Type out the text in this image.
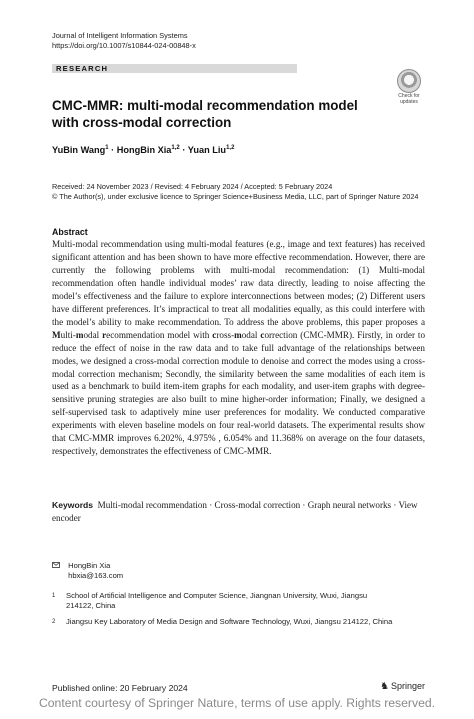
Journal of Intelligent Information Systems
https://doi.org/10.1007/s10844-024-00848-x
RESEARCH
Check for
updates
CMC-MMR: multi-modal recommendation model
with cross-modal correction
YuBin Wang$^1$ · HongBin Xia$^{1,2}$ · Yuan Liu$^{1,2}$
Received: 24 November 2023 / Revised: 4 February 2024 / Accepted: 5 February 2024
© The Author(s), under exclusive licence to Springer Science+Business Media, LLC, part of Springer Nature 2024
Abstract
Multi-modal recommendation using multi-modal features (e.g., image and text features) has received significant attention and has been shown to have more effective recommendation. However, there are currently the following problems with multi-modal recommendation: (1) Multi-modal recommendation often handle individual modes’ raw data directly, leading to noise affecting the model’s effectiveness and the failure to explore interconnections between modes; (2) Different users have different preferences. It’s impractical to treat all modalities equally, as this could interfere with the model’s ability to make recommendation. To address the above problems, this paper proposes a Multi-modal recommendation model with cross-modal correction (CMC-MMR). Firstly, in order to reduce the effect of noise in the raw data and to take full advantage of the relationships between modes, we designed a cross-modal correction module to denoise and correct the modes using a cross-modal correction mechanism; Secondly, the similarity between the same modalities of each item is used as a benchmark to build item-item graphs for each modality, and user-item graphs with degree-sensitive pruning strategies are also built to mine higher-order information; Finally, we designed a self-supervised task to adaptively mine user preferences for modality. We conducted comparative experiments with eleven baseline models on four real-world datasets. The experimental results show that CMC-MMR improves 6.202%, 4.975% , 6.054% and 11.368% on average on the four datasets, respectively, demonstrates the effectiveness of CMC-MMR.
Keywords Multi-modal recommendation · Cross-modal correction · Graph neural networks · View encoder

HongBin Xia
hbxia@163.com
1 School of Artificial Intelligence and Computer Science, Jiangnan University, Wuxi, Jiangsu
214122, China
2 Jiangsu Key Laboratory of Media Design and Software Technology, Wuxi, Jiangsu 214122, China
Published online: 20 February 2024	♞ Springer
Content courtesy of Springer Nature, terms of use apply. Rights reserved.
